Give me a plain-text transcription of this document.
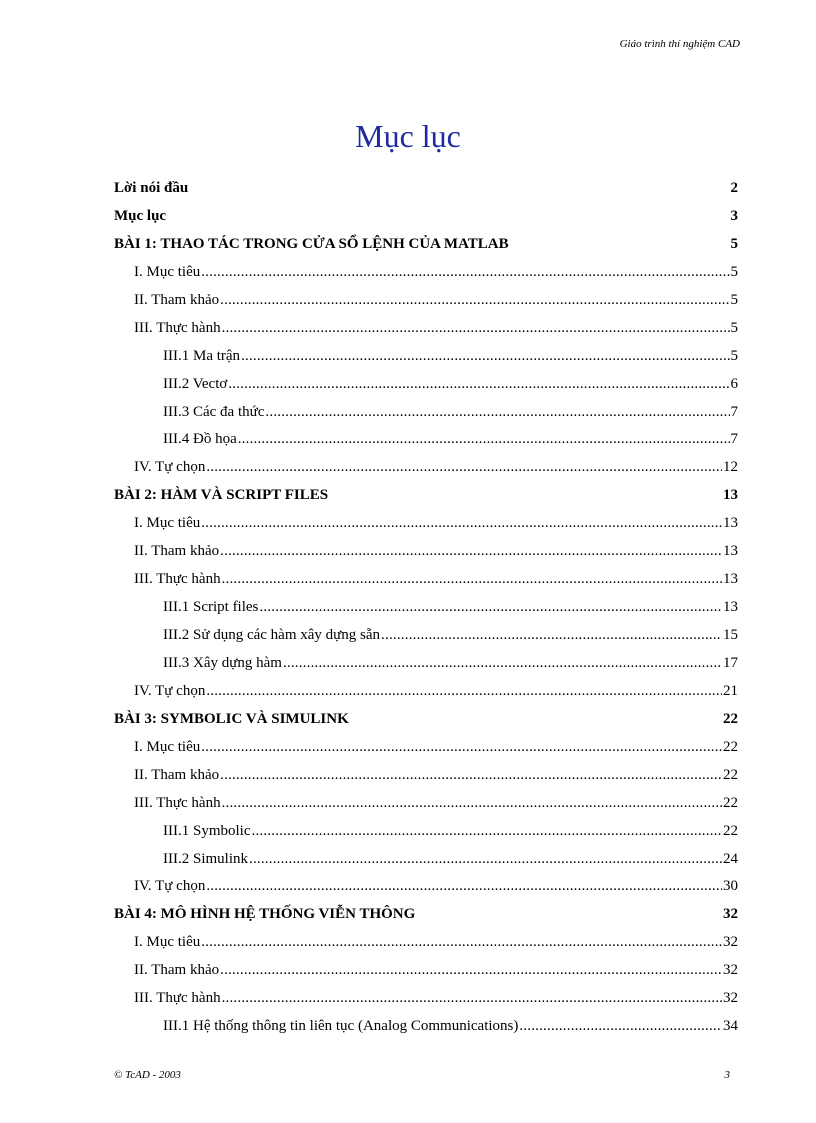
Giáo trình thí nghiệm CAD
Mục lục
Lời nói đầu	2
Mục lục	3
BÀI 1: THAO TÁC TRONG CỬA SỔ LỆNH CỦA MATLAB	5
I. Mục tiêu .....	5
II. Tham khảo .....	5
III. Thực hành .....	5
III.1 Ma trận .....	5
III.2 Vectơ .....	6
III.3 Các đa thức .....	7
III.4 Đồ họa .....	7
IV. Tự chọn .....	12
BÀI 2: HÀM VÀ SCRIPT FILES	13
I. Mục tiêu .....	13
II. Tham khảo .....	13
III. Thực hành .....	13
III.1 Script files .....	13
III.2 Sử dụng các hàm xây dựng sẵn .....	15
III.3 Xây dựng hàm .....	17
IV. Tự chọn .....	21
BÀI 3: SYMBOLIC VÀ SIMULINK	22
I. Mục tiêu .....	22
II. Tham khảo .....	22
III. Thực hành .....	22
III.1 Symbolic .....	22
III.2 Simulink .....	24
IV. Tự chọn .....	30
BÀI 4: MÔ HÌNH HỆ THỐNG VIỄN THÔNG	32
I. Mục tiêu .....	32
II. Tham khảo .....	32
III. Thực hành .....	32
III.1 Hệ thống thông tin liên tục (Analog Communications) .....	34
© TcAD - 2003	3
